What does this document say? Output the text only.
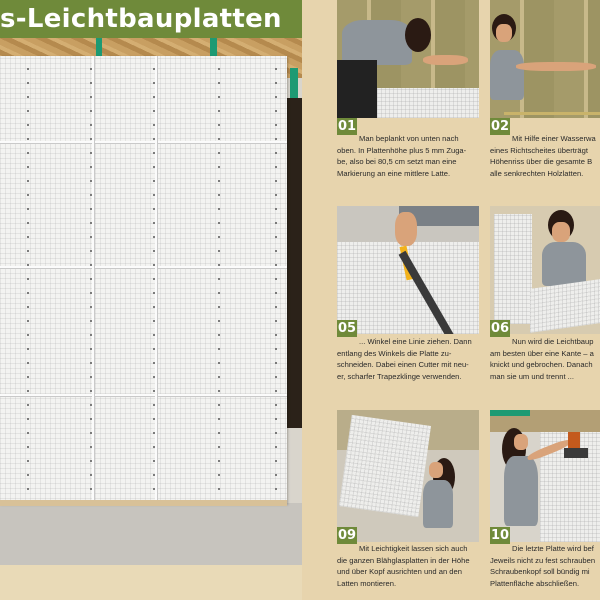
s-Leichtbauplatten
01
Man beplankt von unten nach
oben. In Plattenhöhe plus 5 mm Zuga-
be, also bei 80,5 cm setzt man eine
Markierung an eine mittlere Latte.
02
Mit Hilfe einer Wasserwa
eines Richtscheites überträgt
Höhenriss über die gesamte B
alle senkrechten Holzlatten.
05
... Winkel eine Linie ziehen. Dann
entlang des Winkels die Platte zu-
schneiden. Dabei einen Cutter mit neu-
er, scharfer Trapezklinge verwenden.
06
Nun wird die Leichtbaup
am besten über eine Kante – a
knickt und gebrochen. Danach
man sie um und trennt ...
09
Mit Leichtigkeit lassen sich auch
die ganzen Blähglasplatten in der Höhe
und über Kopf ausrichten und an den
Latten montieren.
10
Die letzte Platte wird bef
Jeweils nicht zu fest schrauben
Schraubenkopf soll bündig mi
Plattenfläche abschließen.
